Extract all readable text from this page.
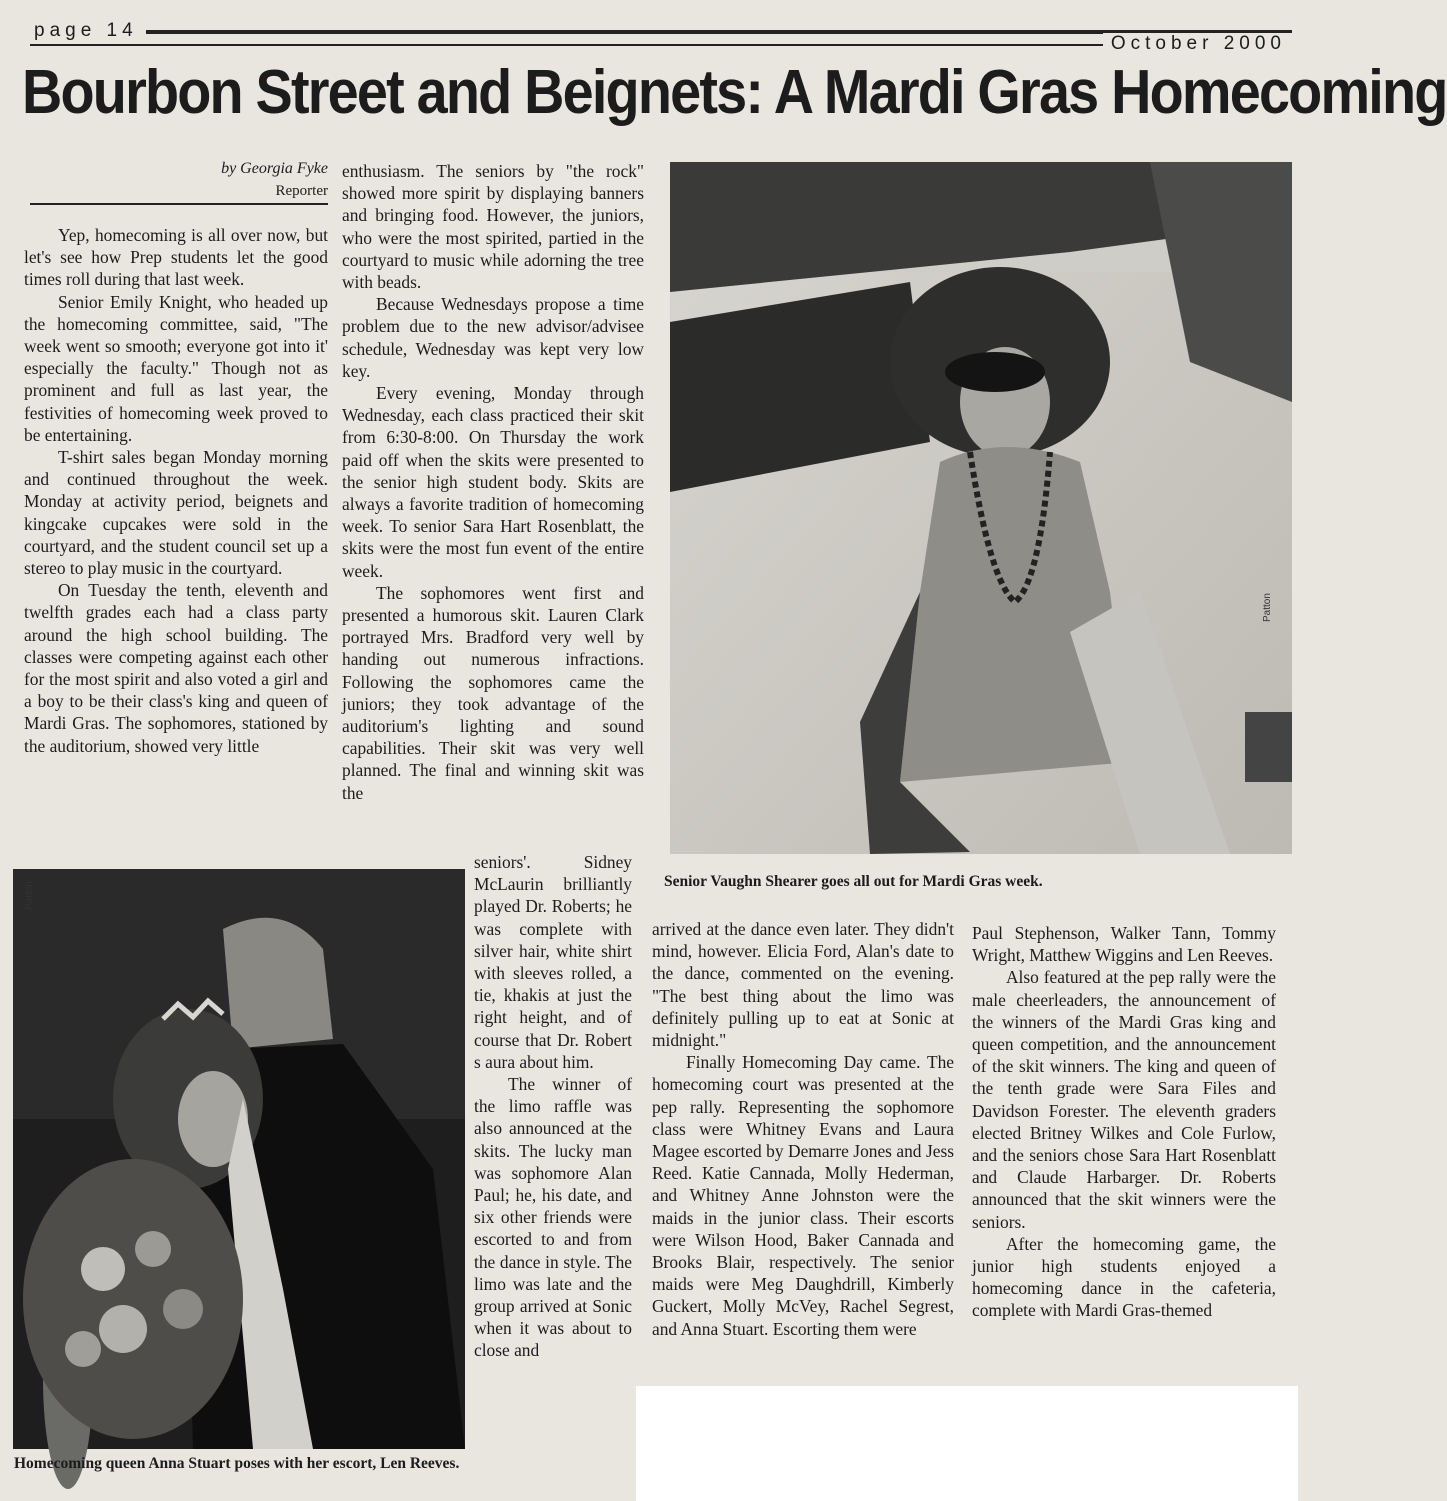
page 14
October 2000
Bourbon Street and Beignets: A Mardi Gras Homecoming
by Georgia Fyke
Reporter

Yep, homecoming is all over now, but let's see how Prep students let the good times roll during that last week.

Senior Emily Knight, who headed up the homecoming committee, said, "The week went so smooth; everyone got into it' especially the faculty." Though not as prominent and full as last year, the festivities of homecoming week proved to be entertaining.

T-shirt sales began Monday morning and continued throughout the week. Monday at activity period, beignets and kingcake cupcakes were sold in the courtyard, and the student council set up a stereo to play music in the courtyard.

On Tuesday the tenth, eleventh and twelfth grades each had a class party around the high school building. The classes were competing against each other for the most spirit and also voted a girl and a boy to be their class's king and queen of Mardi Gras. The sophomores, stationed by the auditorium, showed very little

enthusiasm. The seniors by "the rock" showed more spirit by displaying banners and bringing food. However, the juniors, who were the most spirited, partied in the courtyard to music while adorning the tree with beads.

Because Wednesdays propose a time problem due to the new advisor/advisee schedule, Wednesday was kept very low key.

Every evening, Monday through Wednesday, each class practiced their skit from 6:30-8:00. On Thursday the work paid off when the skits were presented to the senior high student body. Skits are always a favorite tradition of homecoming week. To senior Sara Hart Rosenblatt, the skits were the most fun event of the entire week.

The sophomores went first and presented a humorous skit. Lauren Clark portrayed Mrs. Bradford very well by handing out numerous infractions. Following the sophomores came the juniors; they took advantage of the auditorium's lighting and sound capabilities. Their skit was very well planned. The final and winning skit was the

seniors'. Sidney McLaurin brilliantly played Dr. Roberts; he was complete with silver hair, white shirt with sleeves rolled, a tie, khakis at just the right height, and of course that Dr. Robert s aura about him.

The winner of the limo raffle was also announced at the skits. The lucky man was sophomore Alan Paul; he, his date, and six other friends were escorted to and from the dance in style. The limo was late and the group arrived at Sonic when it was about to close and

arrived at the dance even later. They didn't mind, however. Elicia Ford, Alan's date to the dance, commented on the evening. "The best thing about the limo was definitely pulling up to eat at Sonic at midnight."

Finally Homecoming Day came. The homecoming court was presented at the pep rally. Representing the sophomore class were Whitney Evans and Laura Magee escorted by Demarre Jones and Jess Reed. Katie Cannada, Molly Hederman, and Whitney Anne Johnston were the maids in the junior class. Their escorts were Wilson Hood, Baker Cannada and Brooks Blair, respectively. The senior maids were Meg Daughdrill, Kimberly Guckert, Molly McVey, Rachel Segrest, and Anna Stuart. Escorting them were

Paul Stephenson, Walker Tann, Tommy Wright, Matthew Wiggins and Len Reeves.

Also featured at the pep rally were the male cheerleaders, the announcement of the winners of the Mardi Gras king and queen competition, and the announcement of the skit winners. The king and queen of the tenth grade were Sara Files and Davidson Forester. The eleventh graders elected Britney Wilkes and Cole Furlow, and the seniors chose Sara Hart Rosenblatt and Claude Harbarger. Dr. Roberts announced that the skit winners were the seniors.

After the homecoming game, the junior high students enjoyed a homecoming dance in the cafeteria, complete with Mardi Gras-themed

Patton
Senior Vaughn Shearer goes all out for Mardi Gras week.
Patton
Homecoming queen Anna Stuart poses with her escort, Len Reeves.
